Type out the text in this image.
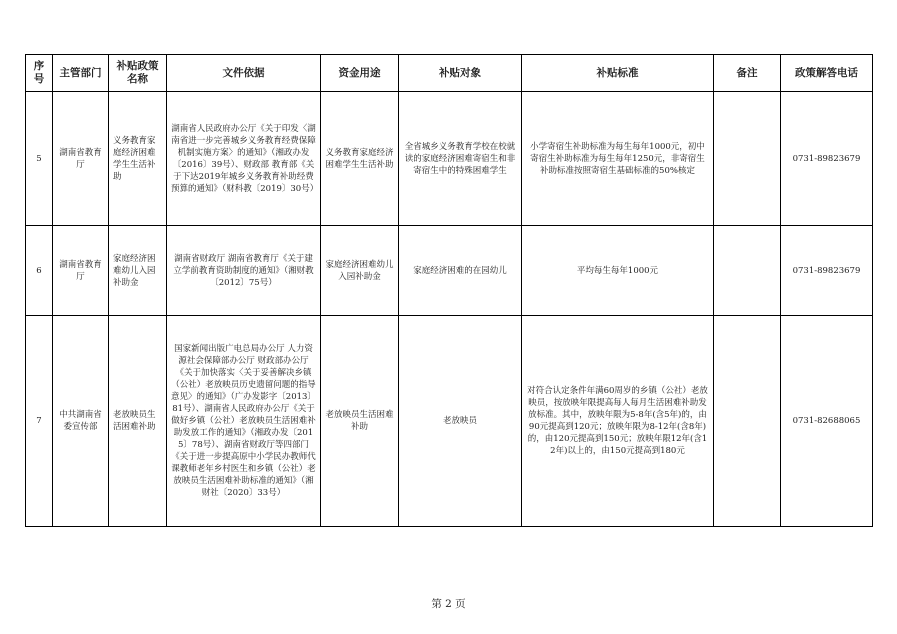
序号	主管部门	补贴政策名称	文件依据	资金用途	补贴对象	补贴标准	备注	政策解答电话
5	湖南省教育厅	义务教育家庭经济困难学生生活补助	湖南省人民政府办公厅《关于印发〈湖南省进一步完善城乡义务教育经费保障机制实施方案〉的通知》（湘政办发〔2016〕39号）、财政部 教育部《关于下达2019年城乡义务教育补助经费预算的通知》（财科教〔2019〕30号）	义务教育家庭经济困难学生生活补助	全省城乡义务教育学校在校就读的家庭经济困难寄宿生和非寄宿生中的特殊困难学生	小学寄宿生补助标准为每生每年1000元，初中寄宿生补助标准为每生每年1250元，非寄宿生补助标准按照寄宿生基础标准的50%核定		0731-89823679
6	湖南省教育厅	家庭经济困难幼儿入园补助金	湖南省财政厅 湖南省教育厅《关于建立学前教育资助制度的通知》（湘财教〔2012〕75号）	家庭经济困难幼儿入园补助金	家庭经济困难的在园幼儿	平均每生每年1000元		0731-89823679
7	中共湖南省委宣传部	老放映员生活困难补助	国家新闻出版广电总局办公厅 人力资源社会保障部办公厅 财政部办公厅《关于加快落实〈关于妥善解决乡镇（公社）老放映员历史遗留问题的指导意见〉的通知》（广办发影字〔2013〕81号）、湖南省人民政府办公厅《关于做好乡镇（公社）老放映员生活困难补助发放工作的通知》（湘政办发〔2015〕78号）、湖南省财政厅等四部门《关于进一步提高原中小学民办教师代课教师老年乡村医生和乡镇（公社）老放映员生活困难补助标准的通知》（湘财社〔2020〕33号）	老放映员生活困难补助	老放映员	对符合认定条件年满60周岁的乡镇（公社）老放映员，按放映年限提高每人每月生活困难补助发放标准。其中，放映年限为5-8年(含5年)的，由90元提高到120元；放映年限为8-12年(含8年)的，由120元提高到150元；放映年限12年(含12年)以上的，由150元提高到180元		0731-82688065
第 2 页
